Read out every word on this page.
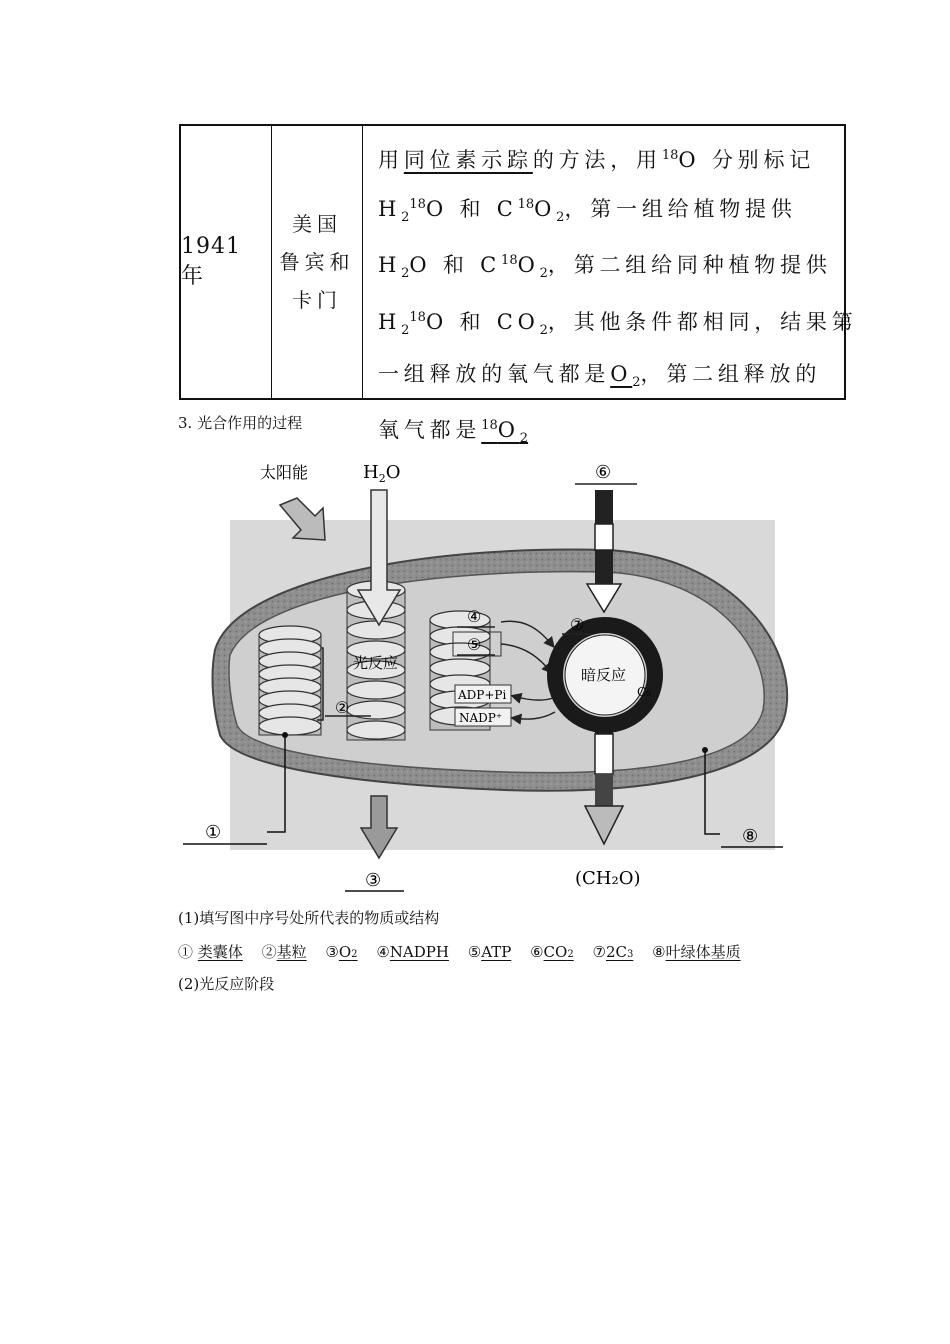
1941 年
美国
鲁宾和
卡门
用同位素示踪的方法，用$^{18}$O 分别标记
$H_2^{18}O$ 和 $C^{18}O_2$，第一组给植物提供
$H_2O$ 和 $C^{18}O_2$，第二组给同种植物提供
$H_2^{18}O$ 和 $CO_2$，其他条件都相同，结果第
一组释放的氧气都是$O_2$，第二组释放的
氧气都是$^{18}O_2$
3. 光合作用的过程
太阳能	$H_2O$
光反应
④
⑤
ADP+Pi
NADP⁺
暗反应
C₅
⑥
⑦
(CH₂O)
②
①
③
⑧
(1)填写图中序号处所代表的物质或结构
① 类囊体 ②基粒 ③O2 ④NADPH ⑤ATP ⑥CO2 ⑦2C3 ⑧叶绿体基质
(2)光反应阶段
